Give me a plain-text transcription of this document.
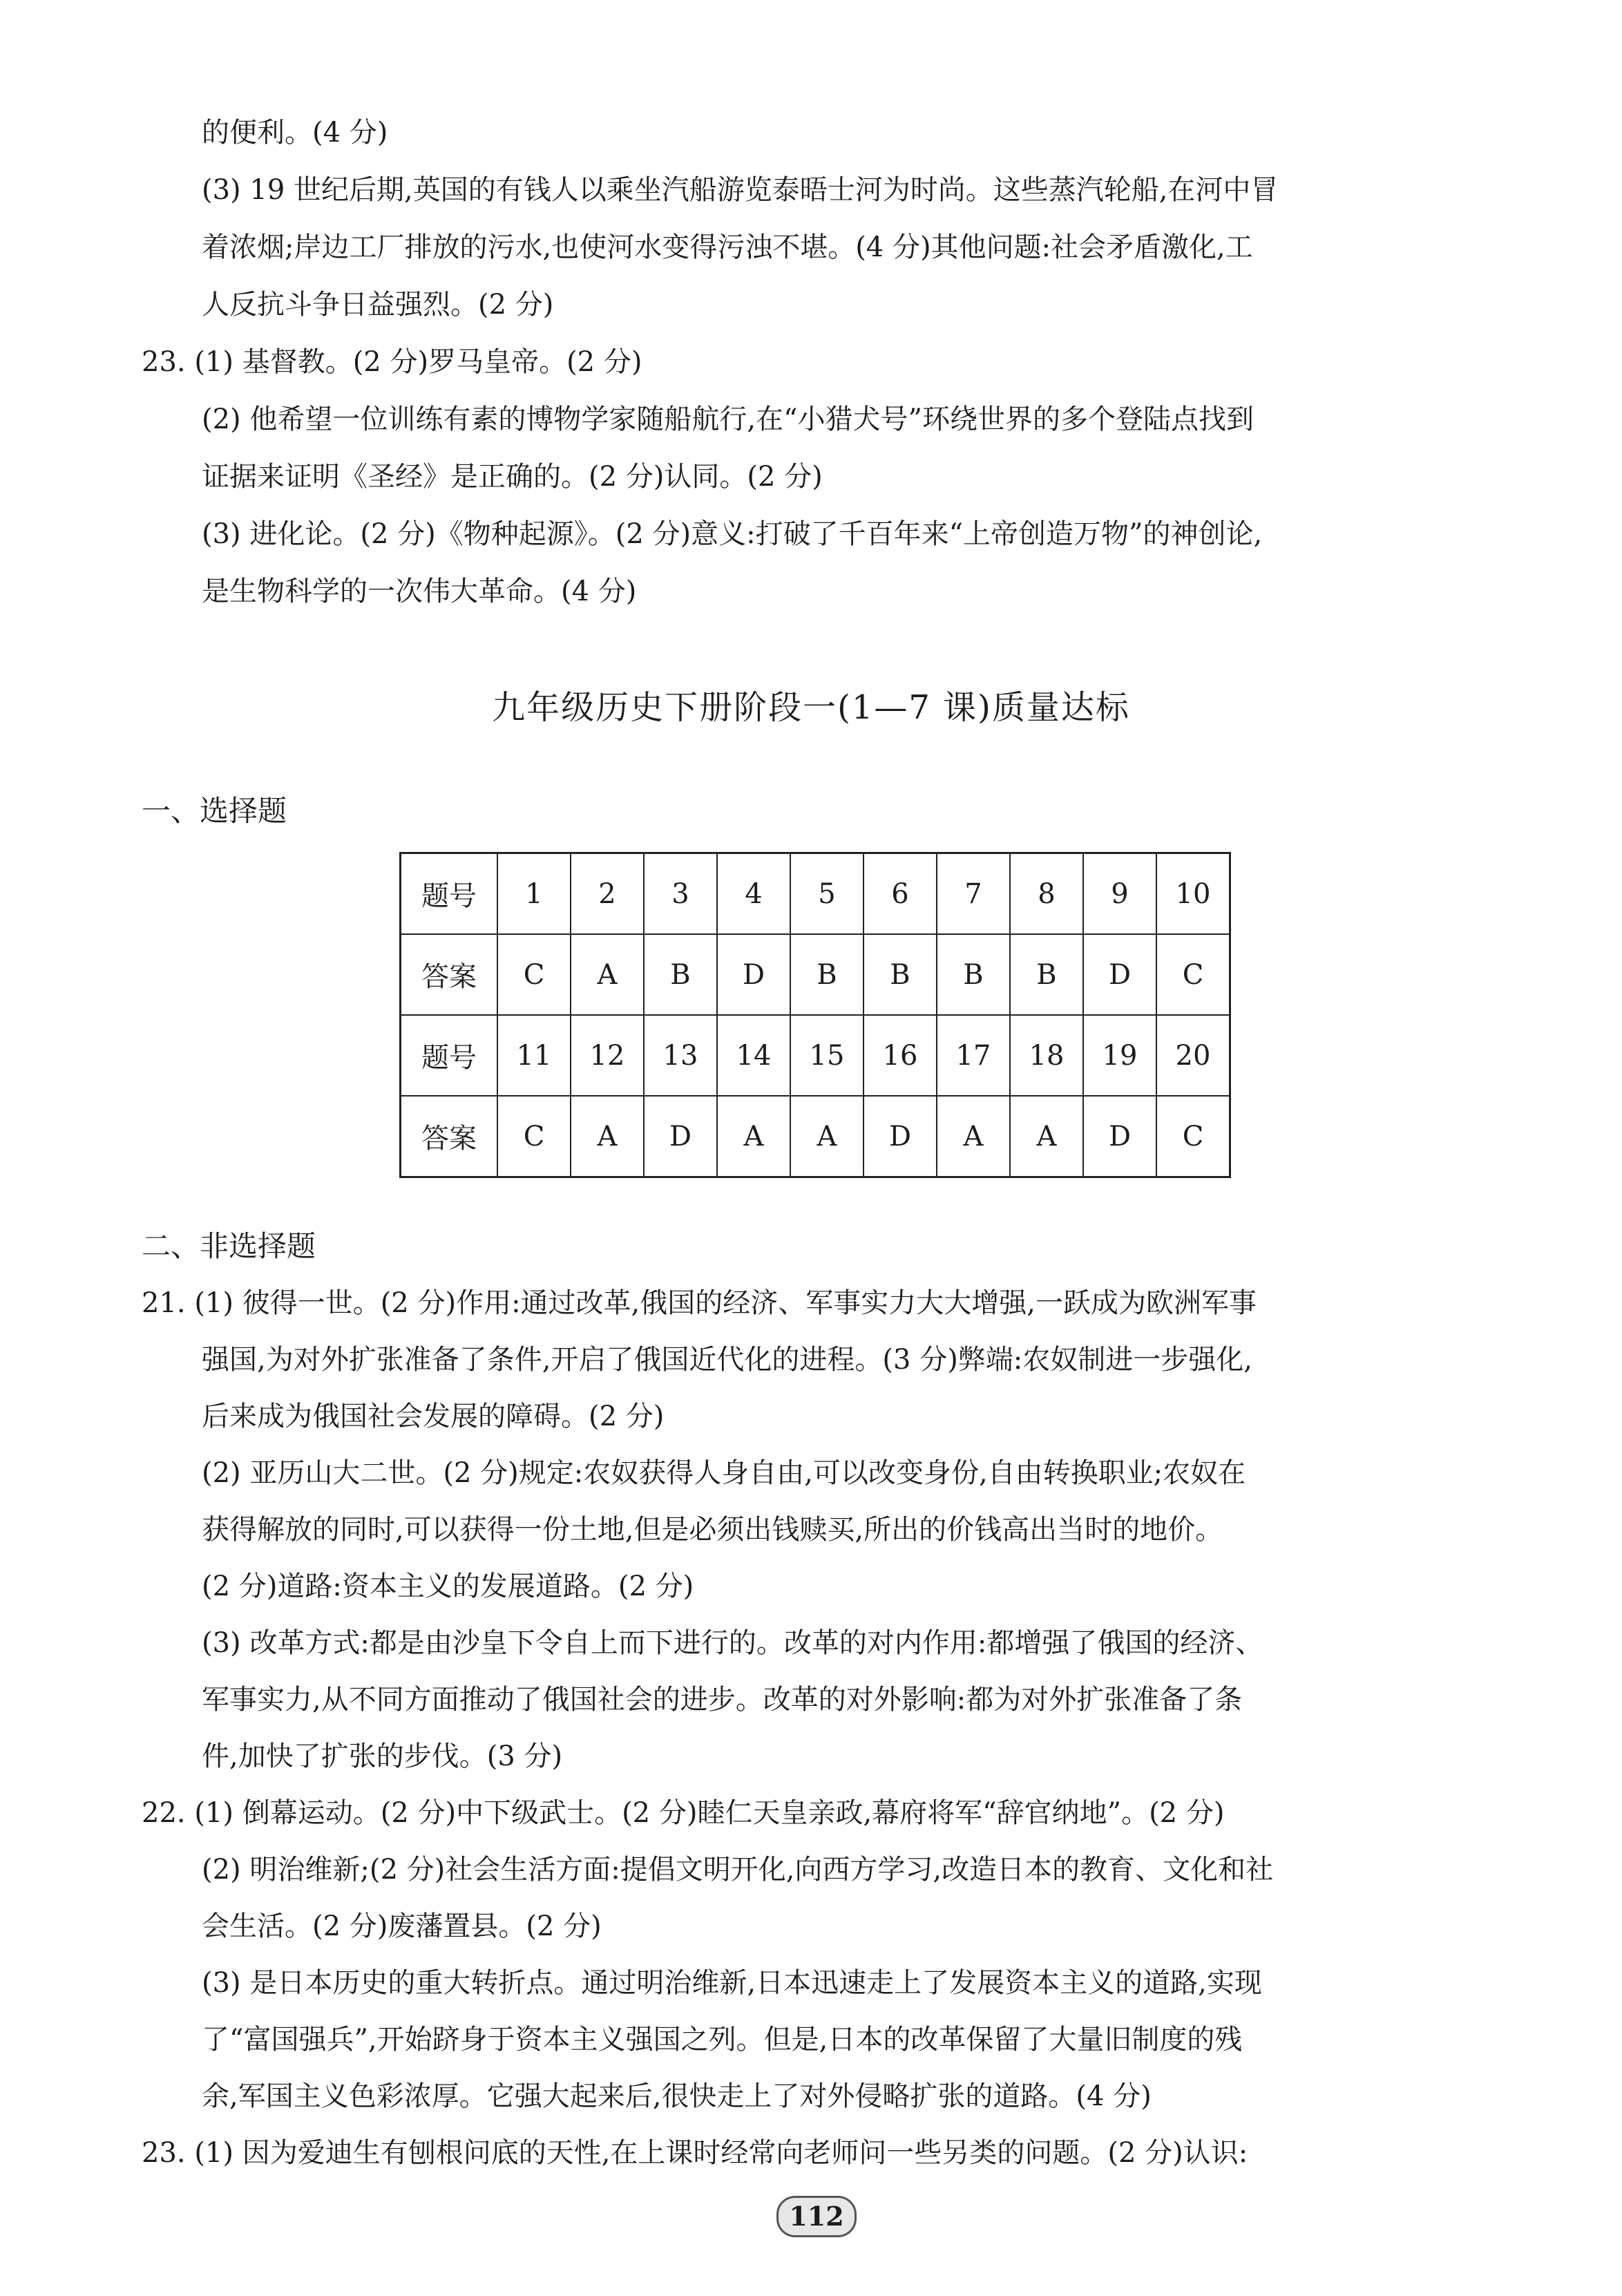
的便利。(4 分)
(3) 19 世纪后期,英国的有钱人以乘坐汽船游览泰晤士河为时尚。这些蒸汽轮船,在河中冒
着浓烟;岸边工厂排放的污水,也使河水变得污浊不堪。(4 分)其他问题:社会矛盾激化,工
人反抗斗争日益强烈。(2 分)
23. (1) 基督教。(2 分)罗马皇帝。(2 分)
(2) 他希望一位训练有素的博物学家随船航行,在“小猎犬号”环绕世界的多个登陆点找到
证据来证明《圣经》是正确的。(2 分)认同。(2 分)
(3) 进化论。(2 分)《物种起源》。(2 分)意义:打破了千百年来“上帝创造万物”的神创论,
是生物科学的一次伟大革命。(4 分)
九年级历史下册阶段一(1—7 课)质量达标
一、选择题
题号	1	2	3	4	5	6	7	8	9	10
答案	C	A	B	D	B	B	B	B	D	C
题号	11	12	13	14	15	16	17	18	19	20
答案	C	A	D	A	A	D	A	A	D	C
二、非选择题
21. (1) 彼得一世。(2 分)作用:通过改革,俄国的经济、军事实力大大增强,一跃成为欧洲军事
强国,为对外扩张准备了条件,开启了俄国近代化的进程。(3 分)弊端:农奴制进一步强化,
后来成为俄国社会发展的障碍。(2 分)
(2) 亚历山大二世。(2 分)规定:农奴获得人身自由,可以改变身份,自由转换职业;农奴在
获得解放的同时,可以获得一份土地,但是必须出钱赎买,所出的价钱高出当时的地价。
(2 分)道路:资本主义的发展道路。(2 分)
(3) 改革方式:都是由沙皇下令自上而下进行的。改革的对内作用:都增强了俄国的经济、
军事实力,从不同方面推动了俄国社会的进步。改革的对外影响:都为对外扩张准备了条
件,加快了扩张的步伐。(3 分)
22. (1) 倒幕运动。(2 分)中下级武士。(2 分)睦仁天皇亲政,幕府将军“辞官纳地”。(2 分)
(2) 明治维新;(2 分)社会生活方面:提倡文明开化,向西方学习,改造日本的教育、文化和社
会生活。(2 分)废藩置县。(2 分)
(3) 是日本历史的重大转折点。通过明治维新,日本迅速走上了发展资本主义的道路,实现
了“富国强兵”,开始跻身于资本主义强国之列。但是,日本的改革保留了大量旧制度的残
余,军国主义色彩浓厚。它强大起来后,很快走上了对外侵略扩张的道路。(4 分)
23. (1) 因为爱迪生有刨根问底的天性,在上课时经常向老师问一些另类的问题。(2 分)认识:
112
